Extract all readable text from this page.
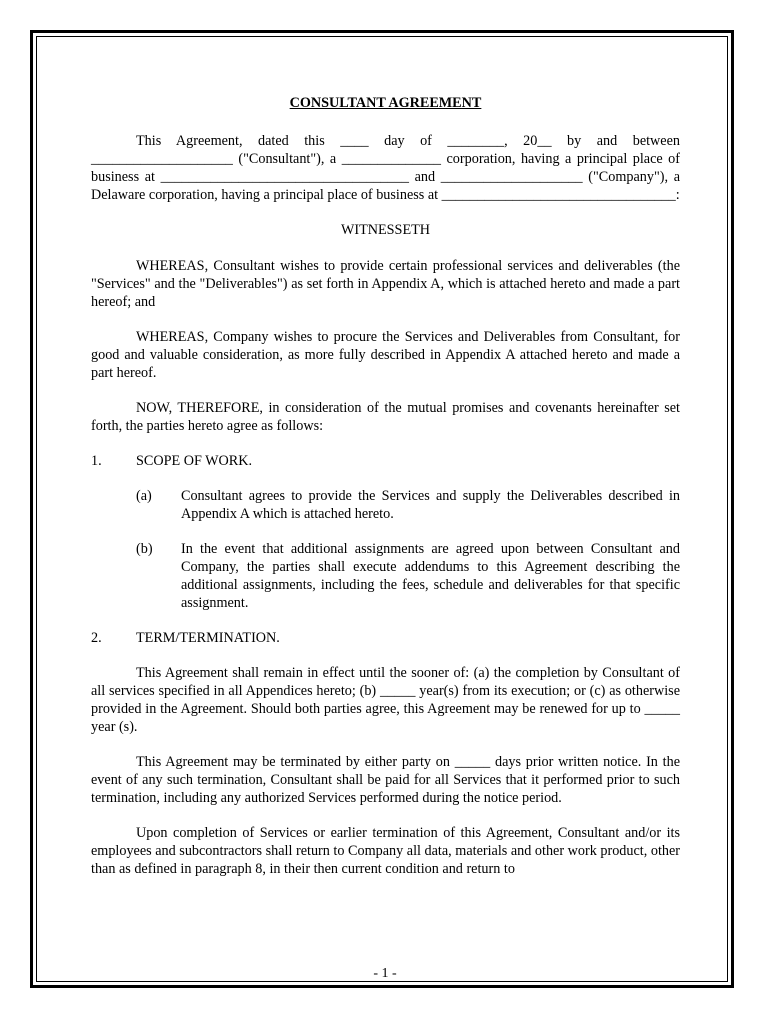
CONSULTANT AGREEMENT

This Agreement, dated this ____ day of ________, 20__ by and between ____________________ ("Consultant"), a ______________ corporation, having a principal place of business at ___________________________________ and ____________________ ("Company"), a Delaware corporation, having a principal place of business at _________________________________:

WITNESSETH

WHEREAS, Consultant wishes to provide certain professional services and deliverables (the "Services" and the "Deliverables") as set forth in Appendix A, which is attached hereto and made a part hereof; and

WHEREAS, Company wishes to procure the Services and Deliverables from Consultant, for good and valuable consideration, as more fully described in Appendix A attached hereto and made a part hereof.

NOW, THEREFORE, in consideration of the mutual promises and covenants hereinafter set forth, the parties hereto agree as follows:

1.	SCOPE OF WORK.
(a)	Consultant agrees to provide the Services and supply the Deliverables described in Appendix A which is attached hereto.
(b)	In the event that additional assignments are agreed upon between Consultant and Company, the parties shall execute addendums to this Agreement describing the additional assignments, including the fees, schedule and deliverables for that specific assignment.
2.	TERM/TERMINATION.

This Agreement shall remain in effect until the sooner of: (a) the completion by Consultant of all services specified in all Appendices hereto; (b) _____ year(s) from its execution; or (c) as otherwise provided in the Agreement. Should both parties agree, this Agreement may be renewed for up to _____ year (s).

This Agreement may be terminated by either party on _____ days prior written notice. In the event of any such termination, Consultant shall be paid for all Services that it performed prior to such termination, including any authorized Services performed during the notice period.

Upon completion of Services or earlier termination of this Agreement, Consultant and/or its employees and subcontractors shall return to Company all data, materials and other work product, other than as defined in paragraph 8, in their then current condition and return to

- 1 -
